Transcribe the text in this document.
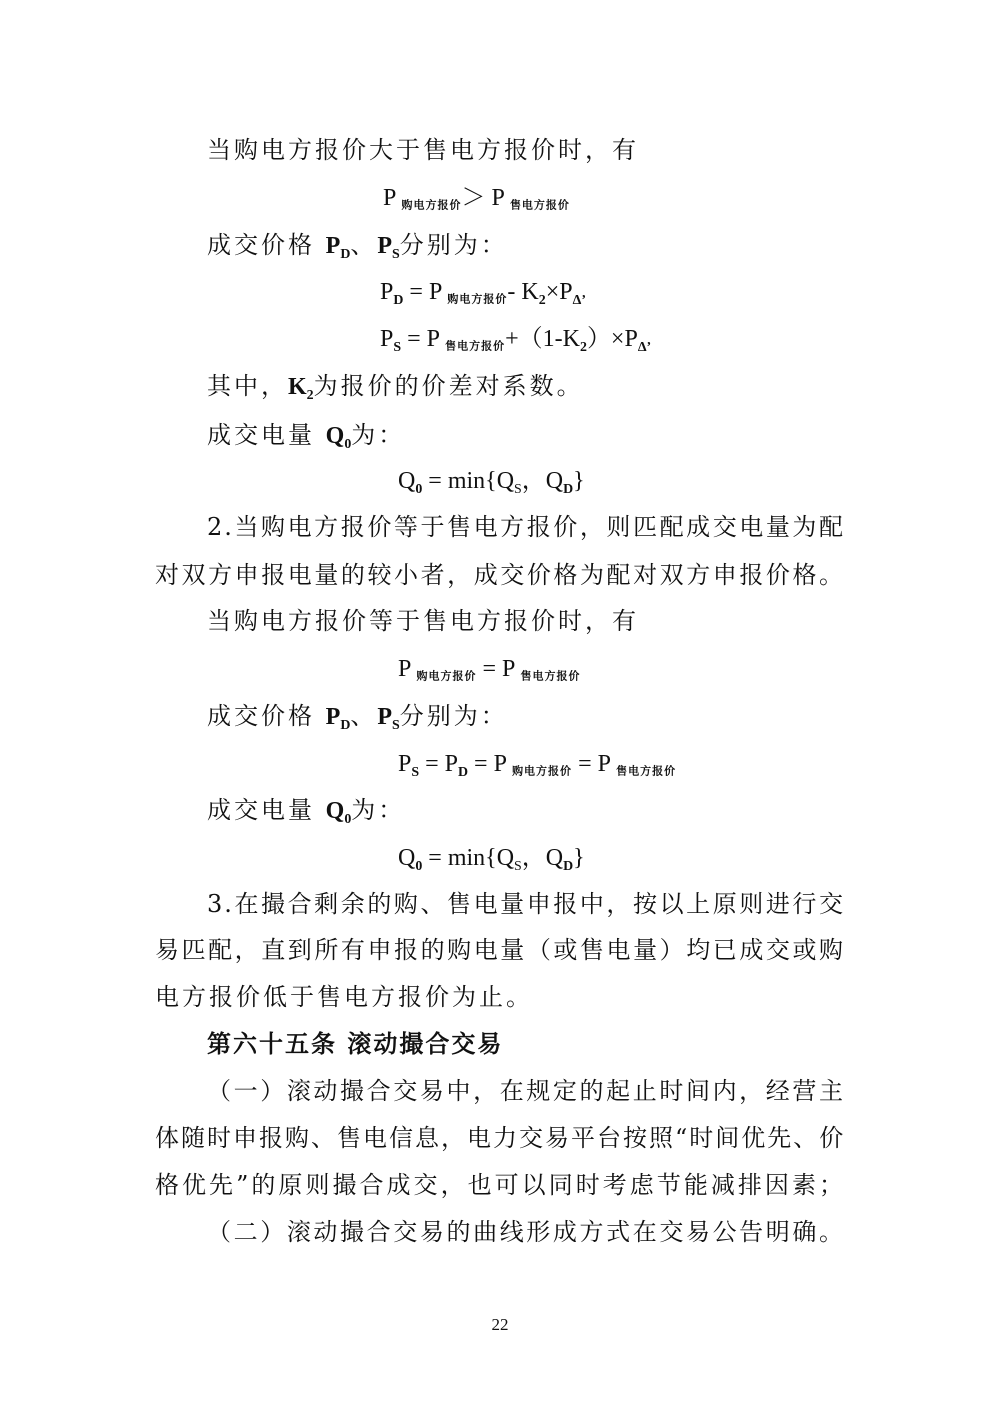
当购电方报价大于售电方报价时，有
P 购电方报价＞ P 售电方报价
成交价格 $P_D$、$P_S$分别为：
$P_D = P$ 购电方报价- $K_2\times P_{\Delta’}$
$P_S = P$ 售电方报价$+(1-K_2)\times P_{\Delta’}$
其中，$K_2$为报价的价差对系数。
成交电量 $Q_0$为：
$Q_0 = \min\{Q_S$，$Q_D$}
2.当购电方报价等于售电方报价，则匹配成交电量为配
对双方申报电量的较小者，成交价格为配对双方申报价格。
当购电方报价等于售电方报价时，有
P 购电方报价 = P 售电方报价
成交价格 $P_D$、$P_S$分别为：
$P_S = P_D = P$ 购电方报价 = P 售电方报价
成交电量 $Q_0$为：
$Q_0 = \min\{Q_S$，$Q_D$}
3.在撮合剩余的购、售电量申报中，按以上原则进行交
易匹配，直到所有申报的购电量（或售电量）均已成交或购
电方报价低于售电方报价为止。
第六十五条 滚动撮合交易
（一）滚动撮合交易中，在规定的起止时间内，经营主
体随时申报购、售电信息，电力交易平台按照“时间优先、价
格优先”的原则撮合成交，也可以同时考虑节能减排因素；
（二）滚动撮合交易的曲线形成方式在交易公告明确。
22
